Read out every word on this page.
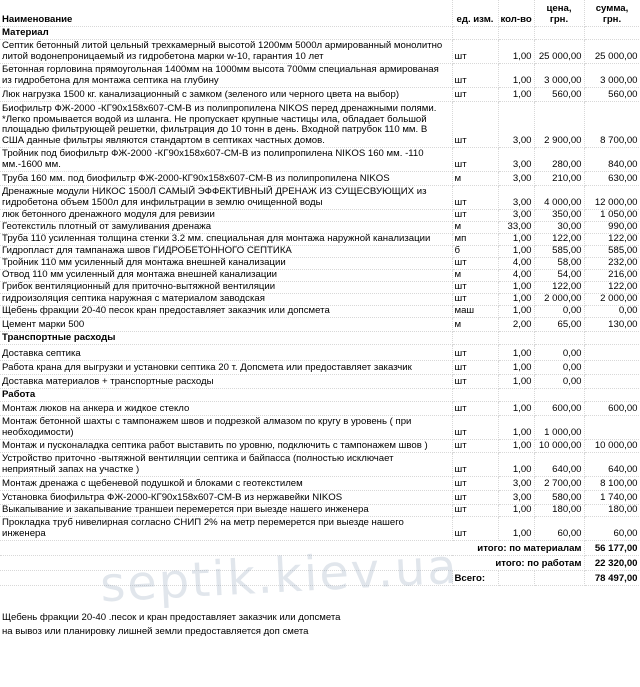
Наименование	ед. изм.	кол-во	цена, грн.	сумма, грн.
Материал				
Септик бетонный литой цельный трехкамерный высотой 1200мм 5000л армированный монолитно литой водонепроницаемый из гидробетона марки w-10, гарантия 10 лет	шт	1,00	25 000,00	25 000,00
Бетонная горловина прямоугольная 1400мм на 1000мм высота 700мм специальная армированая из гидробетона для монтажа септика на глубину	шт	1,00	3 000,00	3 000,00
Люк нагрузка 1500 кг. канализационный с замком (зеленого или черного цвета на выбор)	шт	1,00	560,00	560,00
Биофильтр ФЖ-2000 -КГ90х158х607-СМ-В из полипропилена NIKOS перед дренажными полями. *Легко промывается водой из шланга. Не пропускает крупные частицы ила, обладает большой площадью фильтрующей решетки, фильтрация до 10 тонн в день. Входной патрубок 110 мм. В США данные фильтры являются стандартом в септиках частных домов.	шт	3,00	2 900,00	8 700,00
Тройник под биофильтр ФЖ-2000 -КГ90х158х607-СМ-В из полипропилена NIKOS 160 мм. -110 мм.-1600 мм.	шт	3,00	280,00	840,00
Труба 160 мм. под биофильтр ФЖ-2000-КГ90х158х607-СМ-В из полипропилена NIKOS	м	3,00	210,00	630,00
Дренажные модули НИКОС 1500Л САМЫЙ ЭФФЕКТИВНЫЙ ДРЕНАЖ ИЗ СУЩЕСВУЮЩИХ из гидробетона объем 1500л для инфильтрации в землю очищенной воды	шт	3,00	4 000,00	12 000,00
люк бетонного дренажного модуля для ревизии	шт	3,00	350,00	1 050,00
Геотекстиль плотный от замуливания дренажа	м	33,00	30,00	990,00
Труба 110 усиленная толщина стенки 3.2 мм. специальная для монтажа наружной канализации	мп	1,00	122,00	122,00
Гидропласт для тампанажа швов ГИДРОБЕТОННОГО СЕПТИКА	б	1,00	585,00	585,00
Тройник 110 мм усиленный для монтажа внешней канализации	шт	4,00	58,00	232,00
Отвод 110 мм усиленный для монтажа внешней канализации	м	4,00	54,00	216,00
Грибок вентиляционный для приточно-вытяжной вентиляции	шт	1,00	122,00	122,00
гидроизоляция септика наружная с материалом заводская	шт	1,00	2 000,00	2 000,00
Щебень фракции 20-40 песок кран предоставляет заказчик или допсмета	маш	1,00	0,00	0,00
Цемент марки 500	м	2,00	65,00	130,00
Транспортные расходы				
Доставка септика	шт	1,00	0,00	
Работа крана для выгрузки и установки септика 20 т. Допсмета или предоставляет заказчик	шт	1,00	0,00	
Доставка материалов + транспортные расходы	шт	1,00	0,00	
Работа				
Монтаж люков на анкера и жидкое стекло	шт	1,00	600,00	600,00
Монтаж бетонной шахты с тампонажем швов и подрезкой алмазом по кругу в уровень ( при необходимости)	шт	1,00	1 000,00	
Монтаж и пусконаладка септика работ выставить по уровню, подключить с тампонажем швов )	шт	1,00	10 000,00	10 000,00
Устройство приточно -вытяжной вентиляции септика и байпасса (полностью исключает неприятный запах на участке )	шт	1,00	640,00	640,00
Монтаж дренажа с щебеневой подушкой и блоками с геотекстилем	шт	3,00	2 700,00	8 100,00
Установка биофильтра ФЖ-2000-КГ90х158х607-СМ-В из нержавейки NIKOS	шт	3,00	580,00	1 740,00
Выкапывание и закапывание траншеи перемерется при выезде нашего инженера	шт	1,00	180,00	180,00
Прокладка труб нивелирная согласно СНИП 2% на метр перемерется при выезде нашего инженера	шт	1,00	60,00	60,00
итого: по материалам				56 177,00
итого: по работам				22 320,00
	Всего:			78 497,00

Щебень фракции 20-40 .песок и кран предоставляет заказчик или допсмета				
на вывоз или планировку лишней земли предоставляется доп смета				
septik.kiev.ua
